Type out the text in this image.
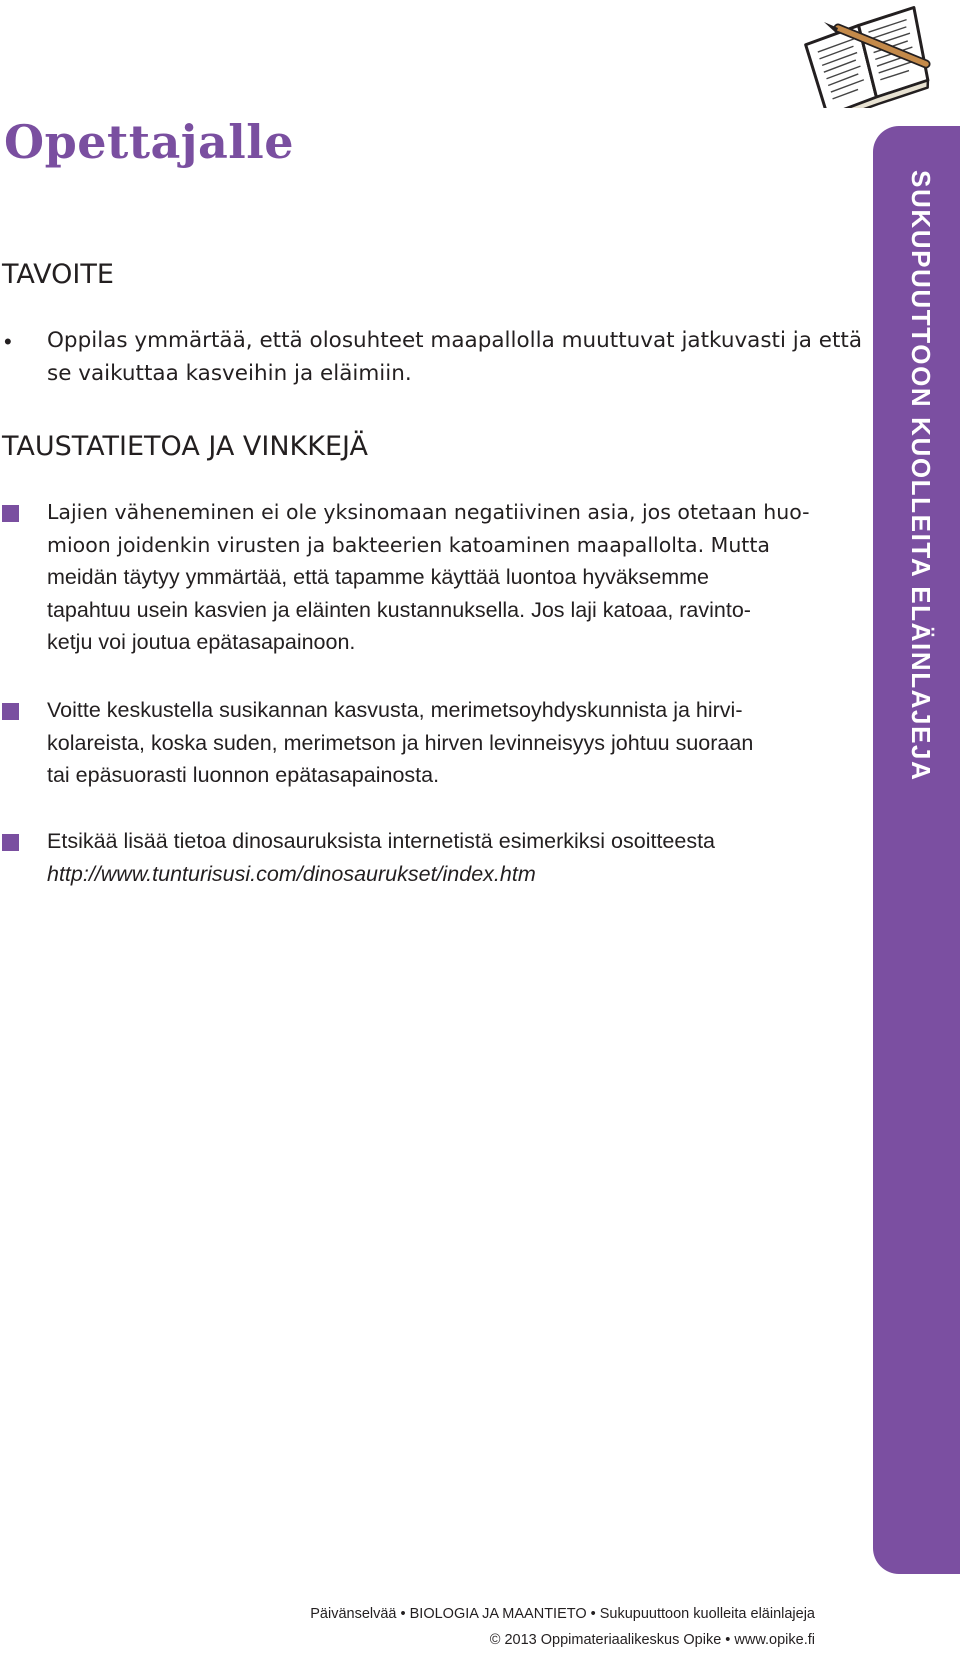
Opettajalle
TAVOITE
• Oppilas ymmärtää, että olosuhteet maapallolla muuttuvat jatkuvasti ja että

se vaikuttaa kasveihin ja eläimiin.

TAUSTATIETOA JA VINKKEJÄ

Lajien väheneminen ei ole yksinomaan negatiivinen asia, jos otetaan huo-

mioon joidenkin virusten ja bakteerien katoaminen maapallolta. Mutta

meidän täytyy ymmärtää, että tapamme käyttää luontoa hyväksemme

tapahtuu usein kasvien ja eläinten kustannuksella. Jos laji katoaa, ravinto-

ketju voi joutua epätasapainoon.

Voitte keskustella susikannan kasvusta, merimetsoyhdyskunnista ja hirvi-

kolareista, koska suden, merimetson ja hirven levinneisyys johtuu suoraan

tai epäsuorasti luonnon epätasapainosta.

Etsikää lisää tietoa dinosauruksista internetistä esimerkiksi osoitteesta

http://www.tunturisusi.com/dinosaurukset/index.htm

SUKUPUUTTOON KUOLLEITA ELÄINLAJEJA
Päivänselvää • BIOLOGIA JA MAANTIETO • Sukupuuttoon kuolleita eläinlajeja
© 2013 Oppimateriaalikeskus Opike • www.opike.fi
